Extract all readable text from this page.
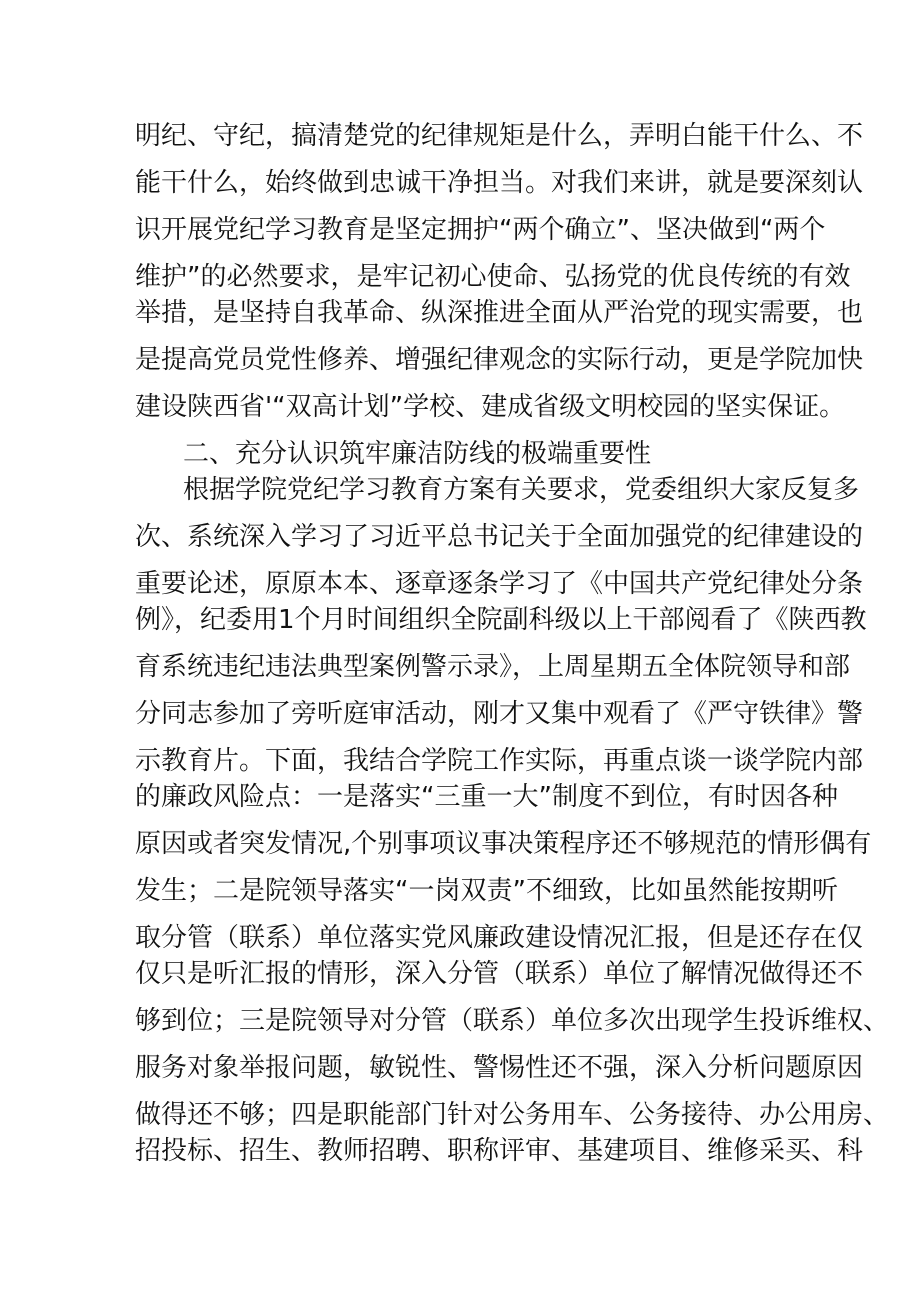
明纪、守纪，搞清楚党的纪律规矩是什么，弄明白能干什么、不
能干什么，始终做到忠诚干净担当。对我们来讲，就是要深刻认
识开展党纪学习教育是坚定拥护“两个确立”、坚决做到“两个
维护”的必然要求，是牢记初心使命、弘扬党的优良传统的有效
举措，是坚持自我革命、纵深推进全面从严治党的现实需要，也
是提高党员党性修养、增强纪律观念的实际行动，更是学院加快
建设陕西省'“双高计划”学校、建成省级文明校园的坚实保证。
二、充分认识筑牢廉洁防线的极端重要性
根据学院党纪学习教育方案有关要求，党委组织大家反复多
次、系统深入学习了习近平总书记关于全面加强党的纪律建设的
重要论述，原原本本、逐章逐条学习了《中国共产党纪律处分条
例》，纪委用1个月时间组织全院副科级以上干部阅看了《陕西教
育系统违纪违法典型案例警示录》，上周星期五全体院领导和部
分同志参加了旁听庭审活动，刚才又集中观看了《严守铁律》警
示教育片。下面，我结合学院工作实际，再重点谈一谈学院内部
的廉政风险点：一是落实“三重一大”制度不到位，有时因各种
原因或者突发情况,个别事项议事决策程序还不够规范的情形偶有
发生；二是院领导落实“一岗双责”不细致，比如虽然能按期听
取分管（联系）单位落实党风廉政建设情况汇报，但是还存在仅
仅只是听汇报的情形，深入分管（联系）单位了解情况做得还不
够到位；三是院领导对分管（联系）单位多次出现学生投诉维权、
服务对象举报问题，敏锐性、警惕性还不强，深入分析问题原因
做得还不够；四是职能部门针对公务用车、公务接待、办公用房、
招投标、招生、教师招聘、职称评审、基建项目、维修采买、科
